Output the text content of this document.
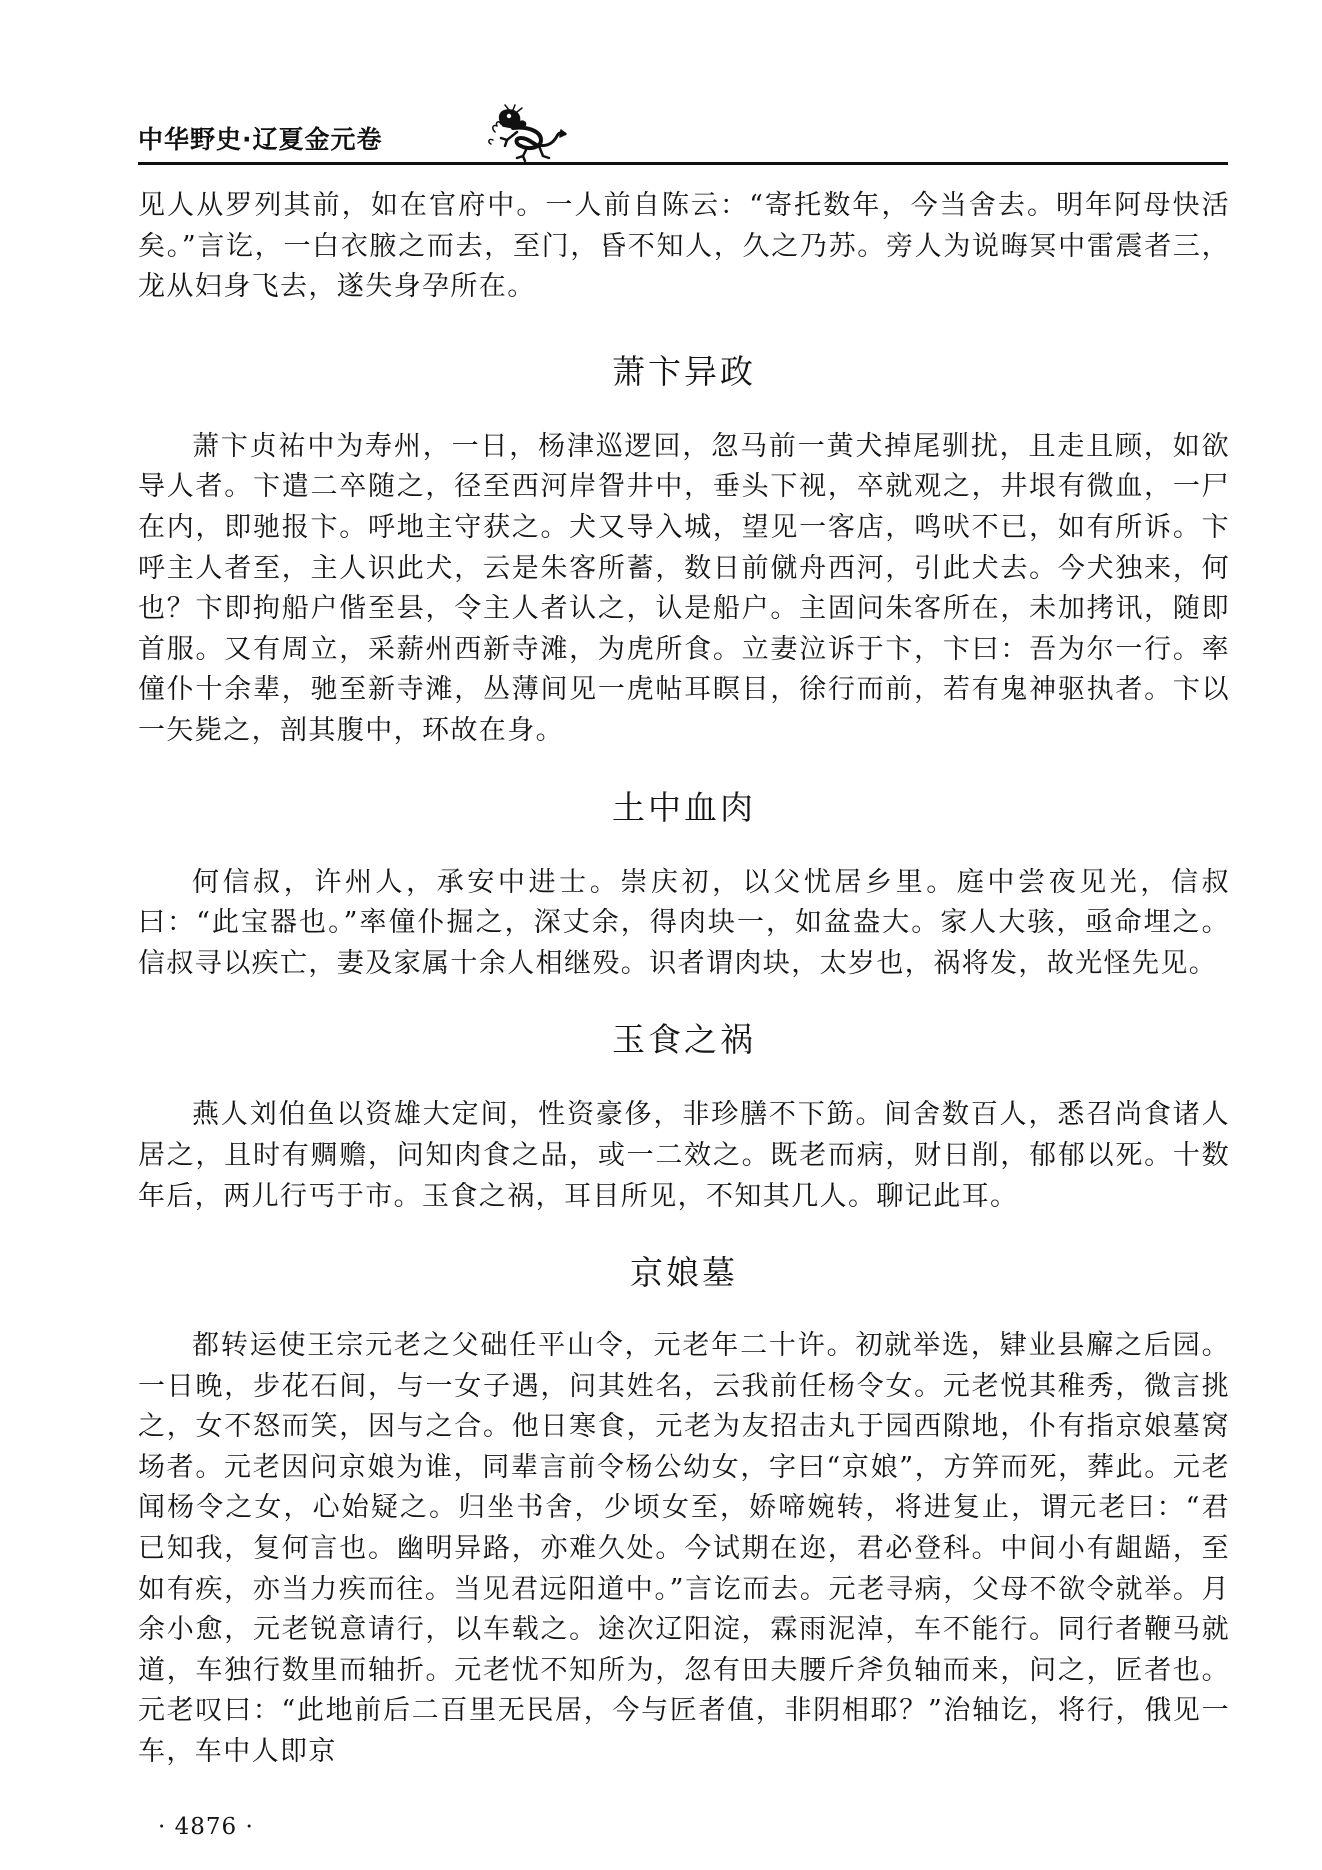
中华野史·辽夏金元卷

见人从罗列其前，如在官府中。一人前自陈云：“寄托数年，今当舍去。明年阿母快活矣。”言讫，一白衣腋之而去，至门，昏不知人，久之乃苏。旁人为说晦冥中雷震者三，龙从妇身飞去，遂失身孕所在。

萧卞异政

萧卞贞祐中为寿州，一日，杨津巡逻回，忽马前一黄犬掉尾驯扰，且走且顾，如欲导人者。卞遣二卒随之，径至西河岸眢井中，垂头下视，卒就观之，井垠有微血，一尸在内，即驰报卞。呼地主守获之。犬又导入城，望见一客店，鸣吠不已，如有所诉。卞呼主人者至，主人识此犬，云是朱客所蓄，数日前僦舟西河，引此犬去。今犬独来，何也？卞即拘船户偕至县，令主人者认之，认是船户。主固问朱客所在，未加拷讯，随即首服。又有周立，采薪州西新寺滩，为虎所食。立妻泣诉于卞，卞曰：吾为尔一行。率僮仆十余辈，驰至新寺滩，丛薄间见一虎帖耳瞑目，徐行而前，若有鬼神驱执者。卞以一矢毙之，剖其腹中，环故在身。

土中血肉

何信叔，许州人，承安中进士。崇庆初，以父忧居乡里。庭中尝夜见光，信叔曰：“此宝器也。”率僮仆掘之，深丈余，得肉块一，如盆盎大。家人大骇，亟命埋之。信叔寻以疾亡，妻及家属十余人相继殁。识者谓肉块，太岁也，祸将发，故光怪先见。

玉食之祸

燕人刘伯鱼以资雄大定间，性资豪侈，非珍膳不下筯。间舍数百人，悉召尚食诸人居之，且时有赒赡，问知肉食之品，或一二效之。既老而病，财日削，郁郁以死。十数年后，两儿行丐于市。玉食之祸，耳目所见，不知其几人。聊记此耳。

京娘墓

都转运使王宗元老之父础任平山令，元老年二十许。初就举选，肄业县廨之后园。一日晚，步花石间，与一女子遇，问其姓名，云我前任杨令女。元老悦其稚秀，微言挑之，女不怒而笑，因与之合。他日寒食，元老为友招击丸于园西隙地，仆有指京娘墓窝场者。元老因问京娘为谁，同辈言前令杨公幼女，字曰“京娘”，方笄而死，葬此。元老闻杨令之女，心始疑之。归坐书舍，少顷女至，娇啼婉转，将进复止，谓元老曰：“君已知我，复何言也。幽明异路，亦难久处。今试期在迩，君必登科。中间小有龃龉，至如有疾，亦当力疾而往。当见君远阳道中。”言讫而去。元老寻病，父母不欲令就举。月余小愈，元老锐意请行，以车载之。途次辽阳淀，霖雨泥淖，车不能行。同行者鞭马就道，车独行数里而轴折。元老忧不知所为，忽有田夫腰斤斧负轴而来，问之，匠者也。元老叹曰：“此地前后二百里无民居，今与匠者值，非阴相耶？”治轴讫，将行，俄见一车，车中人即京

· 4876 ·
